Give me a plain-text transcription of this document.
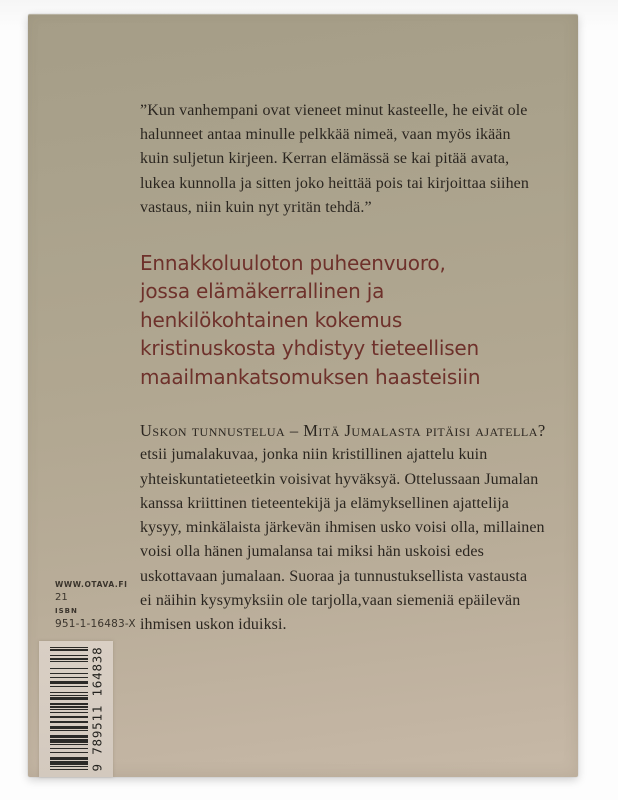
”Kun vanhempani ovat vieneet minut kasteelle, he eivät ole
halunneet antaa minulle pelkkää nimeä, vaan myös ikään
kuin suljetun kirjeen. Kerran elämässä se kai pitää avata,
lukea kunnolla ja sitten joko heittää pois tai kirjoittaa siihen
vastaus, niin kuin nyt yritän tehdä.”
Ennakkoluuloton puheenvuoro,
jossa elämäkerrallinen ja
henkilökohtainen kokemus
kristinuskosta yhdistyy tieteellisen
maailmankatsomuksen haasteisiin
Uskon tunnustelua – Mitä Jumalasta pitäisi ajatella?
etsii jumalakuvaa, jonka niin kristillinen ajattelu kuin
yhteiskuntatieteetkin voisivat hyväksyä. Ottelussaan Jumalan
kanssa kriittinen tieteentekijä ja elämyksellinen ajattelija
kysyy, minkälaista järkevän ihmisen usko voisi olla, millainen
voisi olla hänen jumalansa tai miksi hän uskoisi edes
uskottavaan jumalaan. Suoraa ja tunnustuksellista vastausta
ei näihin kysymyksiin ole tarjolla,vaan siemeniä epäilevän
ihmisen uskon iduiksi.
WWW.OTAVA.FI
21
ISBN
951-1-16483-X
9 789511 164838
